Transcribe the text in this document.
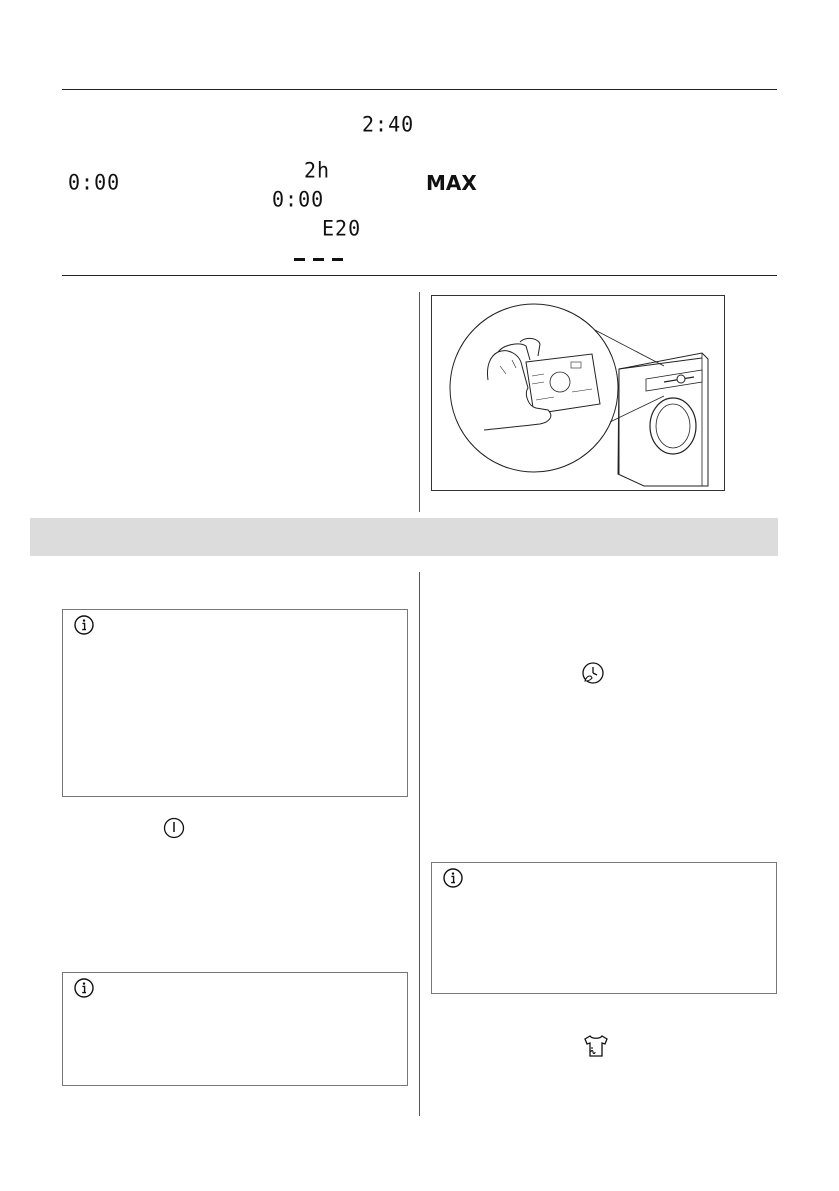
2:40
0:00	2h
0:00
MAX
E20
